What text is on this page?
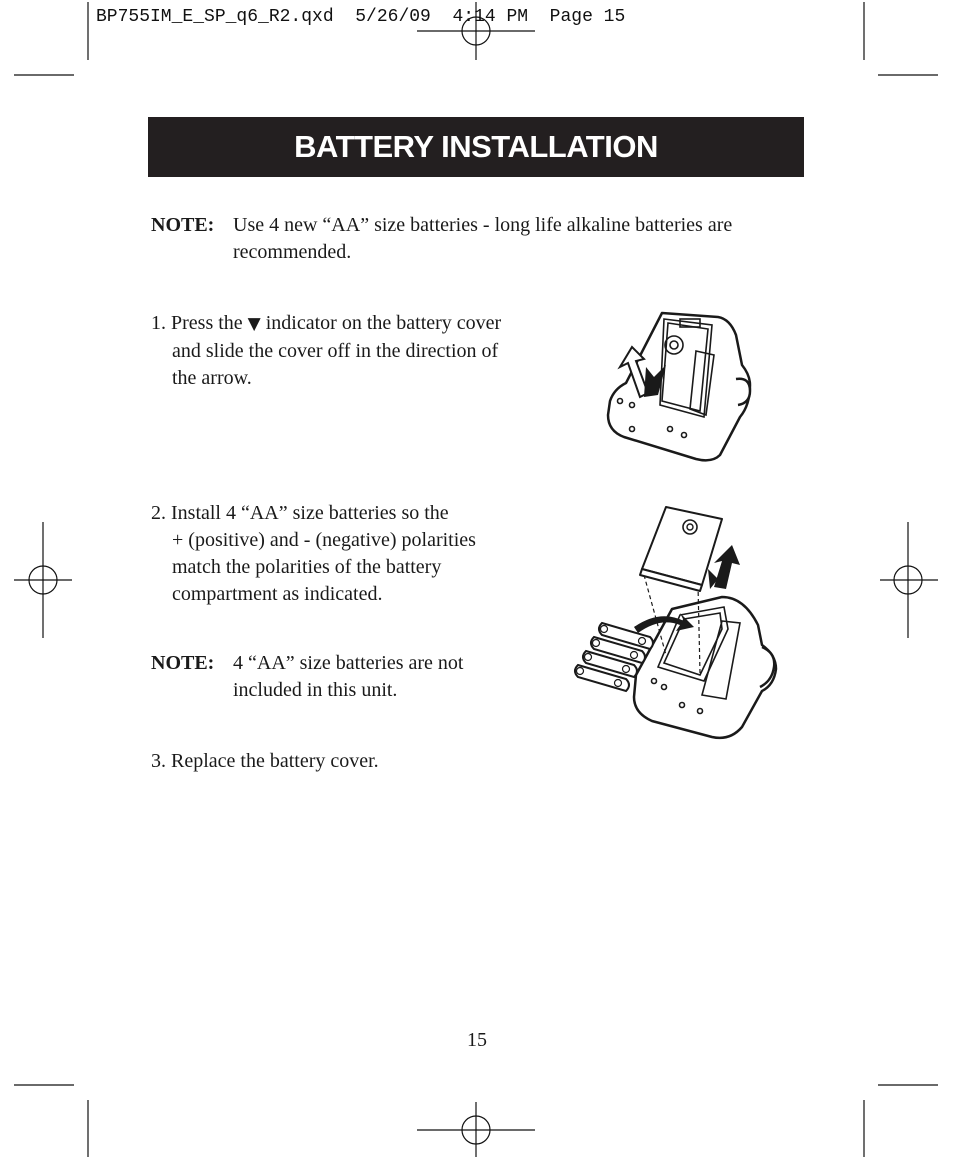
BP755IM_E_SP_q6_R2.qxd  5/26/09  4:14 PM  Page 15
BATTERY INSTALLATION
NOTE: Use 4 new “AA” size batteries - long life alkaline batteries are
recommended.
1. Press the ▼ indicator on the battery cover
and slide the cover off in the direction of
the arrow.
2. Install 4 “AA” size batteries so the
+ (positive) and - (negative) polarities
match the polarities of the battery
compartment as indicated.
NOTE: 4 “AA” size batteries are not
included in this unit.
3. Replace the battery cover.
15
